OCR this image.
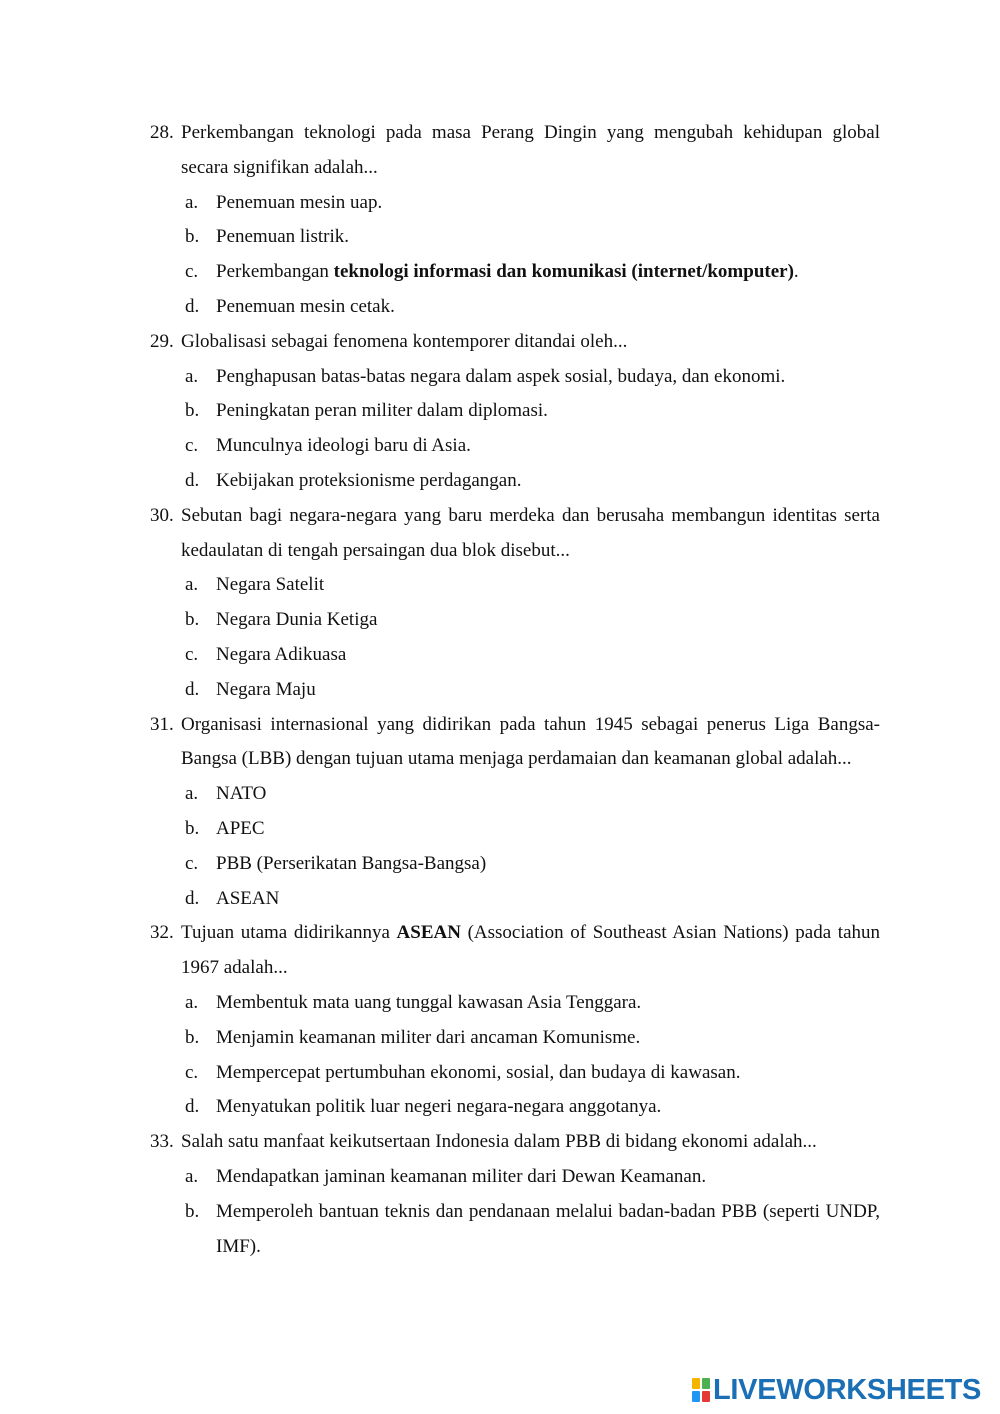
28. Perkembangan teknologi pada masa Perang Dingin yang mengubah kehidupan global secara signifikan adalah...
a. Penemuan mesin uap.
b. Penemuan listrik.
c. Perkembangan teknologi informasi dan komunikasi (internet/komputer).
d. Penemuan mesin cetak.
29. Globalisasi sebagai fenomena kontemporer ditandai oleh...
a. Penghapusan batas-batas negara dalam aspek sosial, budaya, dan ekonomi.
b. Peningkatan peran militer dalam diplomasi.
c. Munculnya ideologi baru di Asia.
d. Kebijakan proteksionisme perdagangan.
30. Sebutan bagi negara-negara yang baru merdeka dan berusaha membangun identitas serta kedaulatan di tengah persaingan dua blok disebut...
a. Negara Satelit
b. Negara Dunia Ketiga
c. Negara Adikuasa
d. Negara Maju
31. Organisasi internasional yang didirikan pada tahun 1945 sebagai penerus Liga Bangsa-Bangsa (LBB) dengan tujuan utama menjaga perdamaian dan keamanan global adalah...
a. NATO
b. APEC
c. PBB (Perserikatan Bangsa-Bangsa)
d. ASEAN
32. Tujuan utama didirikannya ASEAN (Association of Southeast Asian Nations) pada tahun 1967 adalah...
a. Membentuk mata uang tunggal kawasan Asia Tenggara.
b. Menjamin keamanan militer dari ancaman Komunisme.
c. Mempercepat pertumbuhan ekonomi, sosial, dan budaya di kawasan.
d. Menyatukan politik luar negeri negara-negara anggotanya.
33. Salah satu manfaat keikutsertaan Indonesia dalam PBB di bidang ekonomi adalah...
a. Mendapatkan jaminan keamanan militer dari Dewan Keamanan.
b. Memperoleh bantuan teknis dan pendanaan melalui badan-badan PBB (seperti UNDP, IMF).
LIVEWORKSHEETS
